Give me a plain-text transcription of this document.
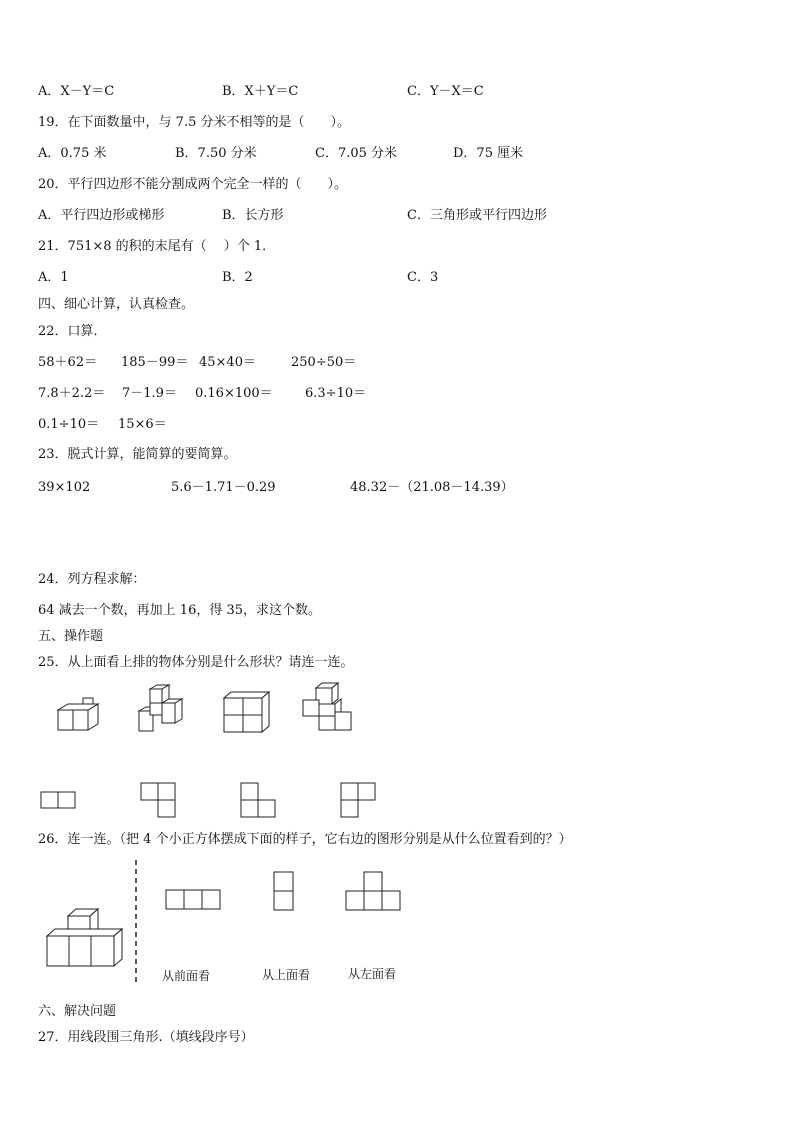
A．X－Y＝C	B．X＋Y＝C	C．Y－X＝C
19．在下面数量中，与 7.5 分米不相等的是（　　）。
A．0.75 米	B．7.50 分米	C．7.05 分米	D．75 厘米
20．平行四边形不能分割成两个完全一样的（　　）。
A．平行四边形或梯形	B．长方形	C．三角形或平行四边形
21．751×8 的积的末尾有（　 ）个 1．
A．1	B．2	C．3
四、细心计算，认真检查。
22．口算．
58＋62＝ 185－99＝ 45×40＝	250÷50＝
7.8＋2.2＝ 7－1.9＝ 0.16×100＝ 6.3÷10＝
0.1÷10＝ 15×6＝
23．脱式计算，能简算的要简算。
39×102	5.6－1.71－0.29	48.32－（21.08－14.39）
24．列方程求解：
64 减去一个数，再加上 16，得 35，求这个数。
五、操作题
25．从上面看上排的物体分别是什么形状？请连一连。
26．连一连。（把 4 个小正方体摆成下面的样子，它右边的图形分别是从什么位置看到的？）
从前面看	从上面看	从左面看
六、解决问题
27．用线段围三角形.（填线段序号）
